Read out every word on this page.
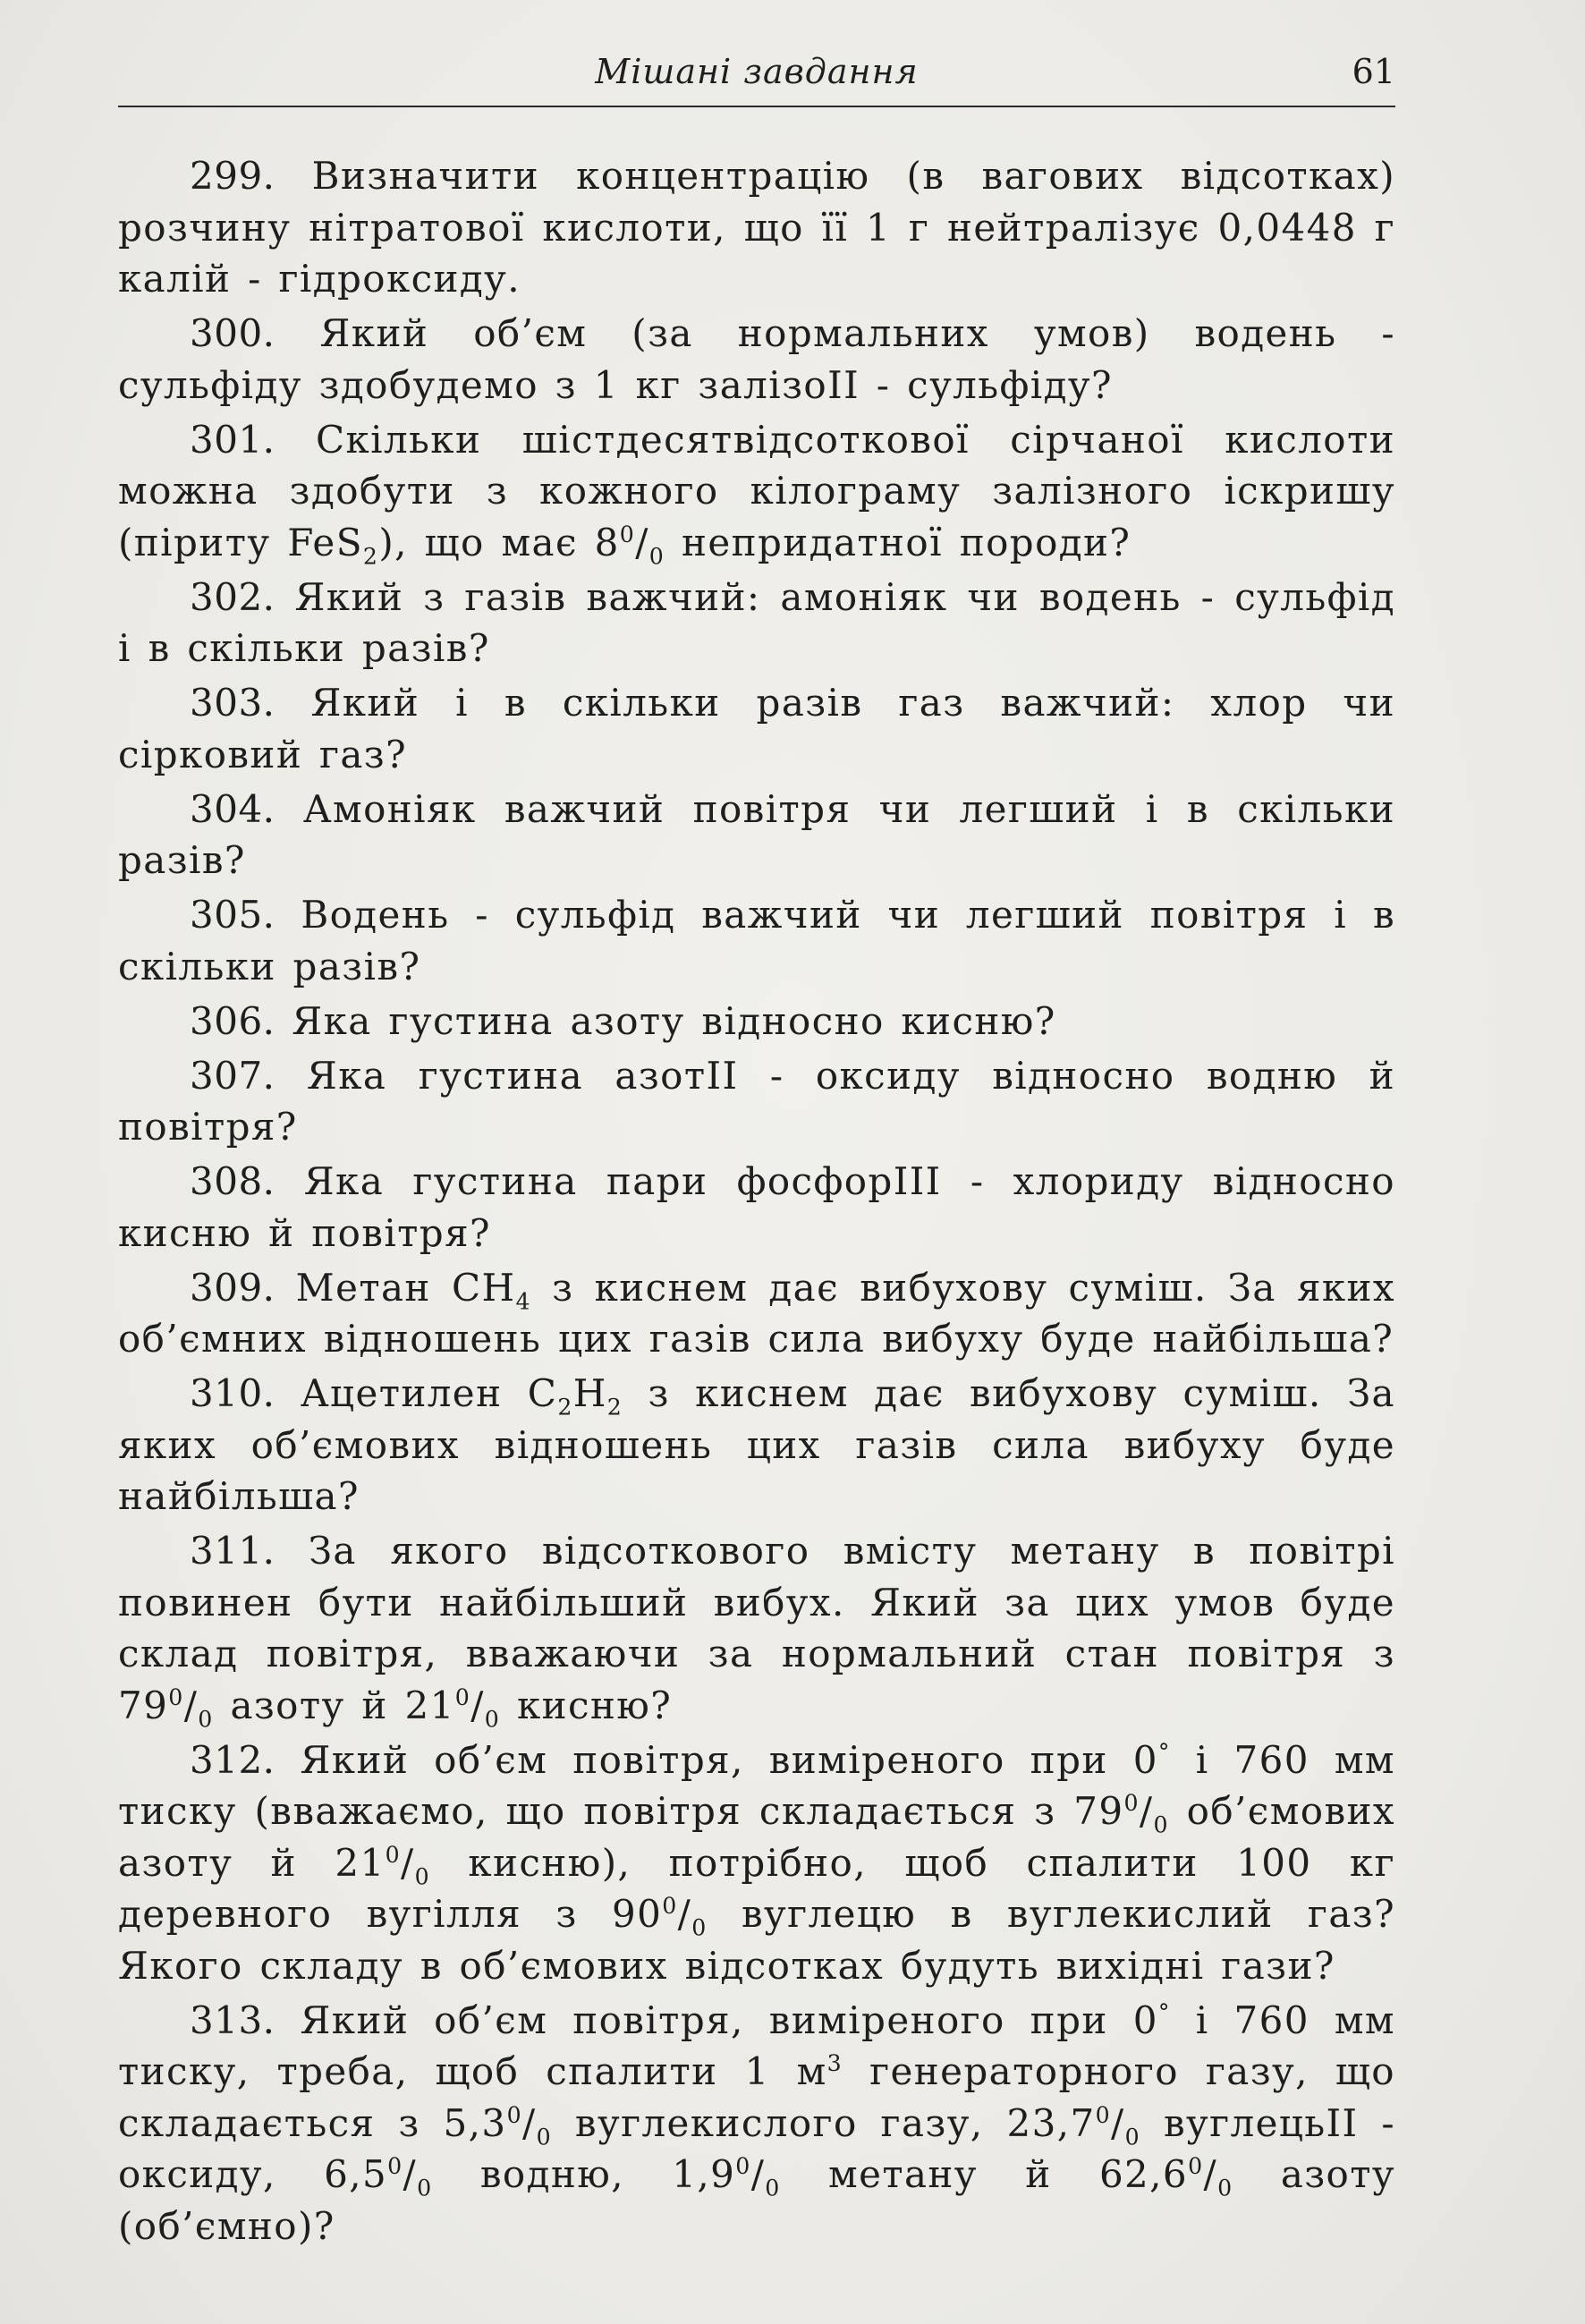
Мішані завдання	61

299. Визначити концентрацію (в вагових відсотках) розчину нітратової кислоти, що її 1 г нейтралізує 0,0448 г калій - гідроксиду.

300. Який об’єм (за нормальних умов) водень - сульфіду здобудемо з 1 кг залізоII - сульфіду?

301. Скільки шістдесятвідсоткової сірчаної кислоти можна здобути з кожного кілограму залізного іскришу (піриту FeS$_2$), що має $8^0/_0$ непридатної породи?

302. Який з газів важчий: амоніяк чи водень - сульфід і в скільки разів?

303. Який і в скільки разів газ важчий: хлор чи сірковий газ?

304. Амоніяк важчий повітря чи легший і в скільки разів?

305. Водень - сульфід важчий чи легший повітря і в скільки разів?

306. Яка густина азоту відносно кисню?

307. Яка густина азотII - оксиду відносно водню й повітря?

308. Яка густина пари фосфорIII - хлориду відносно кисню й повітря?

309. Метан $CH_4$ з киснем дає вибухову суміш. За яких об’ємних відношень цих газів сила вибуху буде найбільша?

310. Ацетилен $C_2H_2$ з киснем дає вибухову суміш. За яких об’ємових відношень цих газів сила вибуху буде найбільша?

311. За якого відсоткового вмісту метану в повітрі повинен бути найбільший вибух. Який за цих умов буде склад повітря, вважаючи за нормальний стан повітря з $79^0/_0$ азоту й $21^0/_0$ кисню?

312. Який об’єм повітря, виміреного при 0° і 760 мм тиску (вважаємо, що повітря складається з $79^0/_0$ об’ємових азоту й $21^0/_0$ кисню), потрібно, щоб спалити 100 кг деревного вугілля з $90^0/_0$ вуглецю в вуглекислий газ? Якого складу в об’ємових відсотках будуть вихідні гази?

313. Який об’єм повітря, виміреного при 0° і 760 мм тиску, треба, щоб спалити 1 $м^3$ генераторного газу, що складається з $5,3^0/_0$ вуглекислого газу, $23,7^0/_0$ вуглецьII - оксиду, $6,5^0/_0$ водню, $1,9^0/_0$ метану й $62,6^0/_0$ азоту (об’ємно)?
